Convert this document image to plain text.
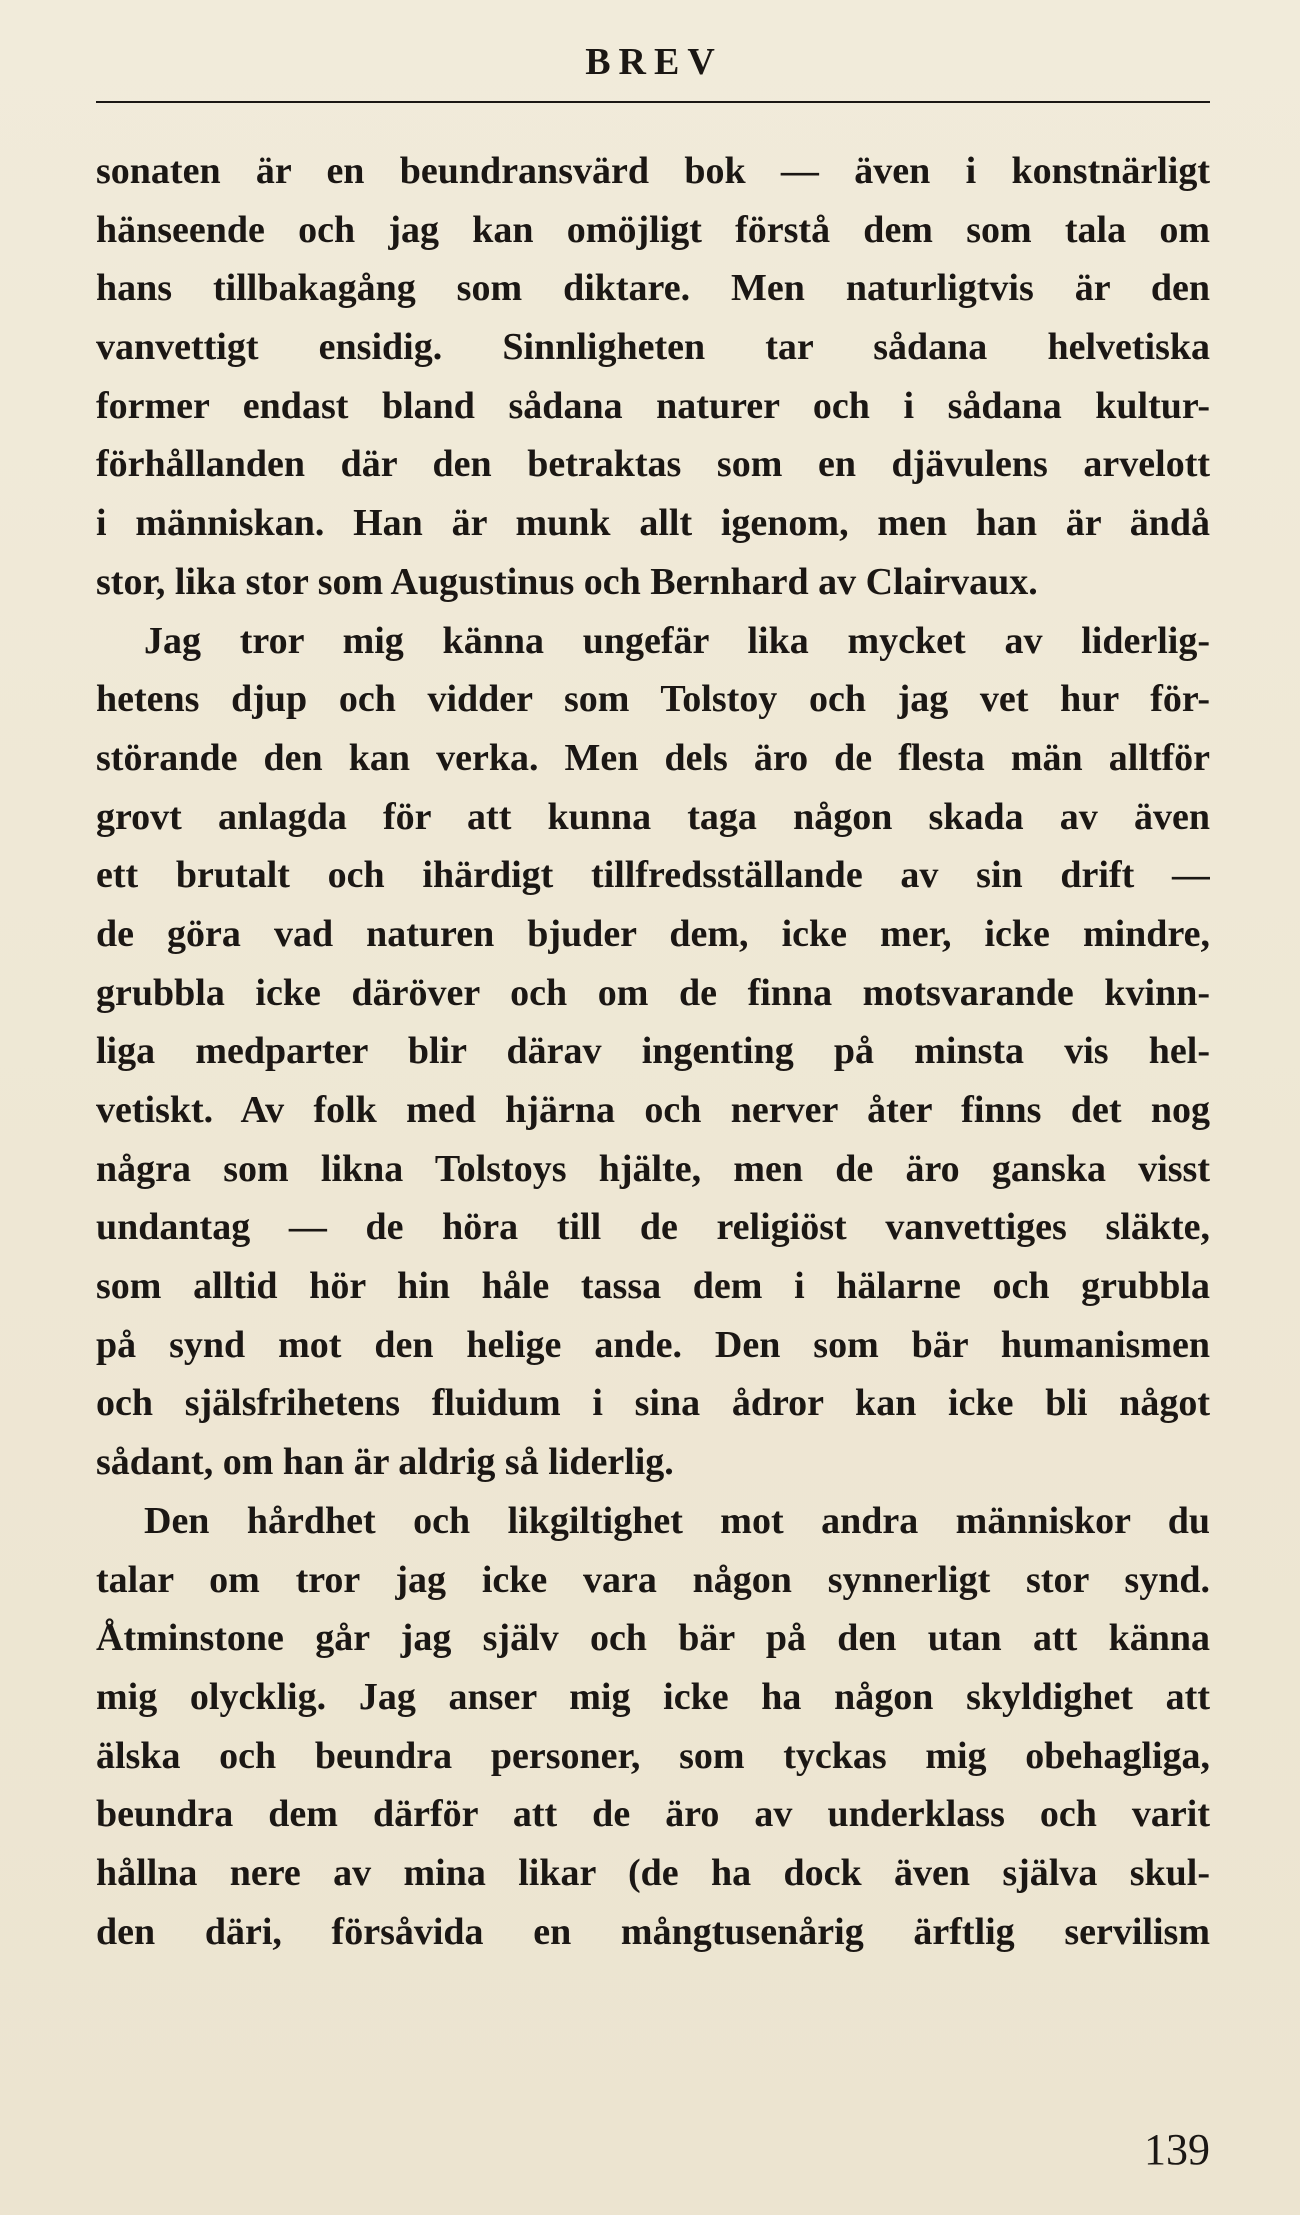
BREV
sonaten är en beundransvärd bok — även i konstnärligt
hänseende och jag kan omöjligt förstå dem som tala om
hans tillbakagång som diktare. Men naturligtvis är den
vanvettigt ensidig. Sinnligheten tar sådana helvetiska
former endast bland sådana naturer och i sådana kultur-
förhållanden där den betraktas som en djävulens arvelott
i människan. Han är munk allt igenom, men han är ändå
stor, lika stor som Augustinus och Bernhard av Clairvaux.
Jag tror mig känna ungefär lika mycket av liderlig-
hetens djup och vidder som Tolstoy och jag vet hur för-
störande den kan verka. Men dels äro de flesta män alltför
grovt anlagda för att kunna taga någon skada av även
ett brutalt och ihärdigt tillfredsställande av sin drift —
de göra vad naturen bjuder dem, icke mer, icke mindre,
grubbla icke däröver och om de finna motsvarande kvinn-
liga medparter blir därav ingenting på minsta vis hel-
vetiskt. Av folk med hjärna och nerver åter finns det nog
några som likna Tolstoys hjälte, men de äro ganska visst
undantag — de höra till de religiöst vanvettiges släkte,
som alltid hör hin håle tassa dem i hälarne och grubbla
på synd mot den helige ande. Den som bär humanismen
och själsfrihetens fluidum i sina ådror kan icke bli något
sådant, om han är aldrig så liderlig.
Den hårdhet och likgiltighet mot andra människor du
talar om tror jag icke vara någon synnerligt stor synd.
Åtminstone går jag själv och bär på den utan att känna
mig olycklig. Jag anser mig icke ha någon skyldighet att
älska och beundra personer, som tyckas mig obehagliga,
beundra dem därför att de äro av underklass och varit
hållna nere av mina likar (de ha dock även själva skul-
den däri, försåvida en mångtusenårig ärftlig servilism
139
